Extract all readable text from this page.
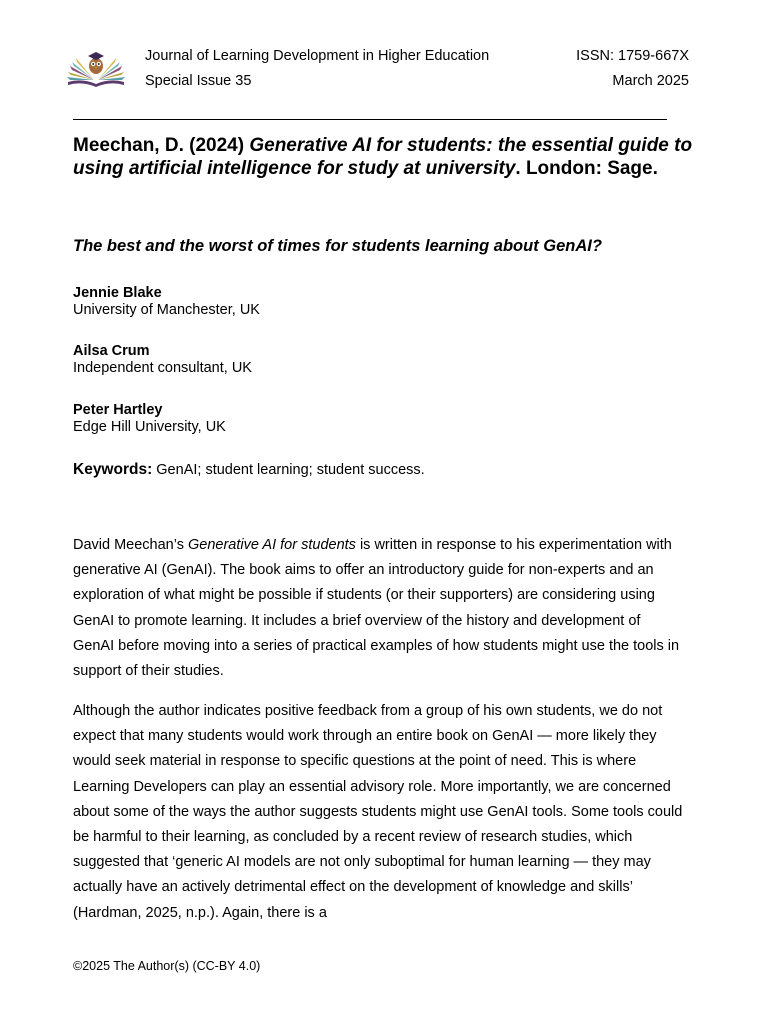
Journal of Learning Development in Higher Education
Special Issue 35
ISSN: 1759-667X
March 2025
Meechan, D. (2024) Generative AI for students: the essential guide to using artificial intelligence for study at university. London: Sage.
The best and the worst of times for students learning about GenAI?
Jennie Blake
University of Manchester, UK
Ailsa Crum
Independent consultant, UK
Peter Hartley
Edge Hill University, UK
Keywords: GenAI; student learning; student success.

David Meechan’s Generative AI for students is written in response to his experimentation with generative AI (GenAI). The book aims to offer an introductory guide for non-experts and an exploration of what might be possible if students (or their supporters) are considering using GenAI to promote learning. It includes a brief overview of the history and development of GenAI before moving into a series of practical examples of how students might use the tools in support of their studies.

Although the author indicates positive feedback from a group of his own students, we do not expect that many students would work through an entire book on GenAI — more likely they would seek material in response to specific questions at the point of need. This is where Learning Developers can play an essential advisory role. More importantly, we are concerned about some of the ways the author suggests students might use GenAI tools. Some tools could be harmful to their learning, as concluded by a recent review of research studies, which suggested that ‘generic AI models are not only suboptimal for human learning — they may actually have an actively detrimental effect on the development of knowledge and skills’ (Hardman, 2025, n.p.). Again, there is a

©2025 The Author(s) (CC-BY 4.0)
